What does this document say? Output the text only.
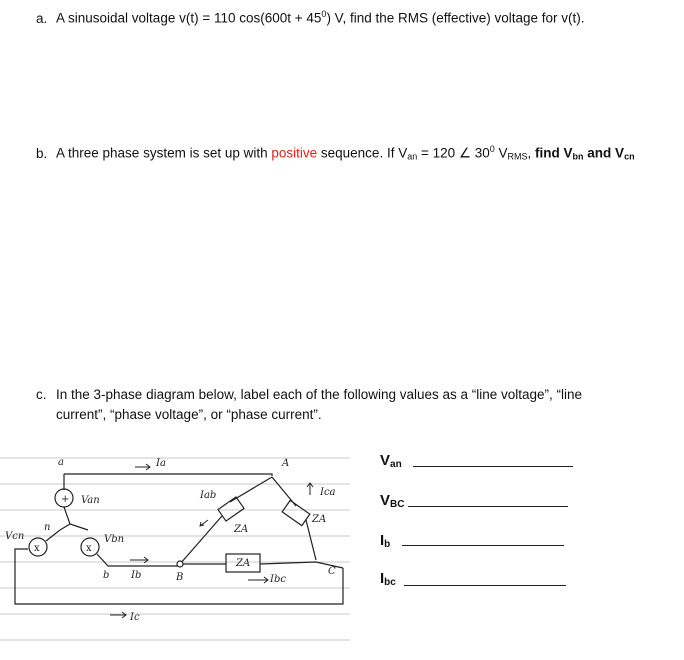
a. A sinusoidal voltage v(t) = 110 $\cos(600t + 45^0)$ V, find the RMS (effective) voltage for v(t).
b. A three phase system is set up with positive sequence. If $V_{an} = 120$ ∠ $30^0$ $V_{RMS}$, find $V_{bn}$ and $V_{cn}$
c. In the 3-phase diagram below, label each of the following values as a “line voltage”, “line
current”, “phase voltage”, or “phase current”.
$V_{an}$
$V_{BC}$
$I_b$
$I_{bc}$
a
n
b
A
B
C
Van
Vbn
Vcn
+
x
x
Ia
Ib
Ic
Iab	Ica
Ibc
ZA
ZA
ZA
